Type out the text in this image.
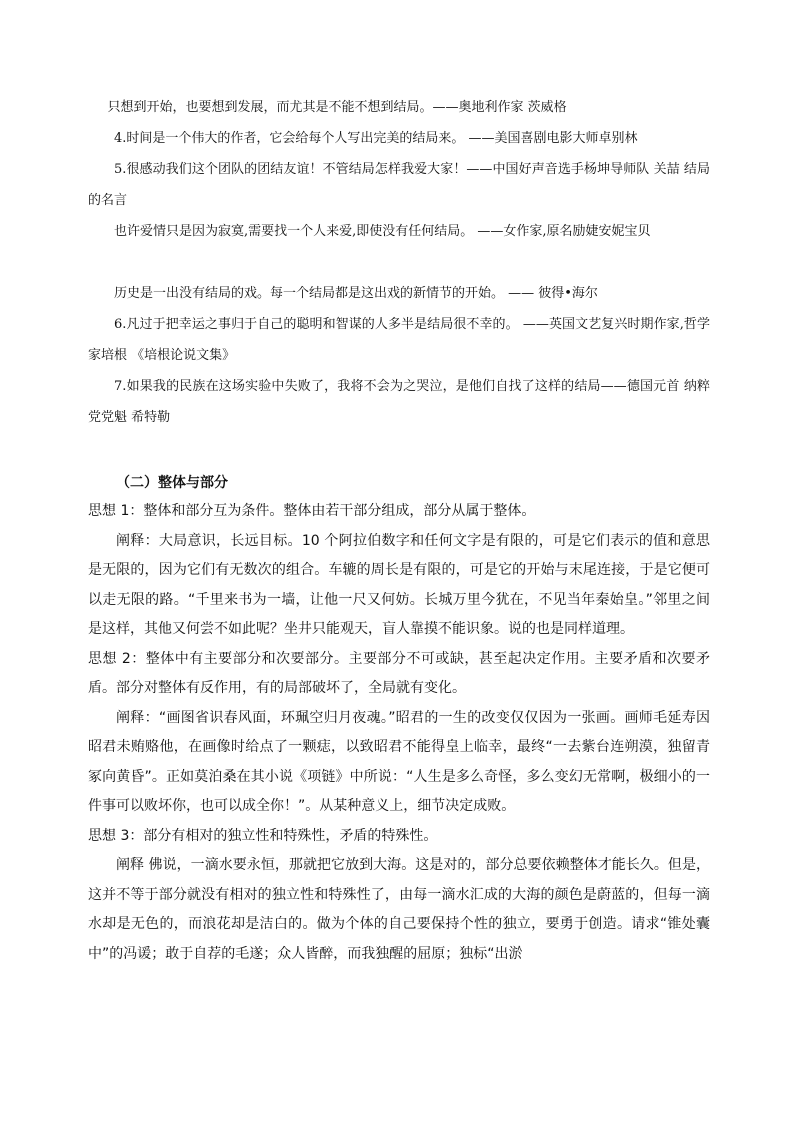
只想到开始，也要想到发展，而尤其是不能不想到结局。——奥地利作家 茨威格

4.时间是一个伟大的作者，它会给每个人写出完美的结局来。 ——美国喜剧电影大师卓别林

5.很感动我们这个团队的团结友谊！不管结局怎样我爱大家！——中国好声音选手杨坤导师队 关喆 结局的名言

也许爱情只是因为寂寞,需要找一个人来爱,即使没有任何结局。 ——女作家,原名励婕安妮宝贝

历史是一出没有结局的戏。每一个结局都是这出戏的新情节的开始。 —— 彼得•海尔

6.凡过于把幸运之事归于自己的聪明和智谋的人多半是结局很不幸的。 ——英国文艺复兴时期作家,哲学家培根 《培根论说文集》

7.如果我的民族在这场实验中失败了，我将不会为之哭泣，是他们自找了这样的结局——德国元首 纳粹党党魁 希特勒

（二）整体与部分

思想 1：整体和部分互为条件。整体由若干部分组成，部分从属于整体。

阐释：大局意识，长远目标。10 个阿拉伯数字和任何文字是有限的，可是它们表示的值和意思是无限的，因为它们有无数次的组合。车辘的周长是有限的，可是它的开始与末尾连接，于是它便可以走无限的路。“千里来书为一墙，让他一尺又何妨。长城万里今犹在，不见当年秦始皇。”邻里之间是这样，其他又何尝不如此呢？坐井只能观天，盲人靠摸不能识象。说的也是同样道理。

思想 2：整体中有主要部分和次要部分。主要部分不可或缺，甚至起决定作用。主要矛盾和次要矛盾。部分对整体有反作用，有的局部破坏了，全局就有变化。

阐释：“画图省识春风面，环珮空归月夜魂。”昭君的一生的改变仅仅因为一张画。画师毛延寿因昭君未贿赂他，在画像时给点了一颗痣，以致昭君不能得皇上临幸，最终“一去紫台连朔漠，独留青冢向黄昏”。正如莫泊桑在其小说《项链》中所说：“人生是多么奇怪，多么变幻无常啊，极细小的一件事可以败坏你，也可以成全你！”。从某种意义上，细节决定成败。

思想 3：部分有相对的独立性和特殊性，矛盾的特殊性。

阐释 佛说，一滴水要永恒，那就把它放到大海。这是对的，部分总要依赖整体才能长久。但是，这并不等于部分就没有相对的独立性和特殊性了，由每一滴水汇成的大海的颜色是蔚蓝的，但每一滴水却是无色的，而浪花却是洁白的。做为个体的自己要保持个性的独立，要勇于创造。请求“锥处囊中”的冯谖；敢于自荐的毛遂；众人皆醉，而我独醒的屈原；独标“出淤
